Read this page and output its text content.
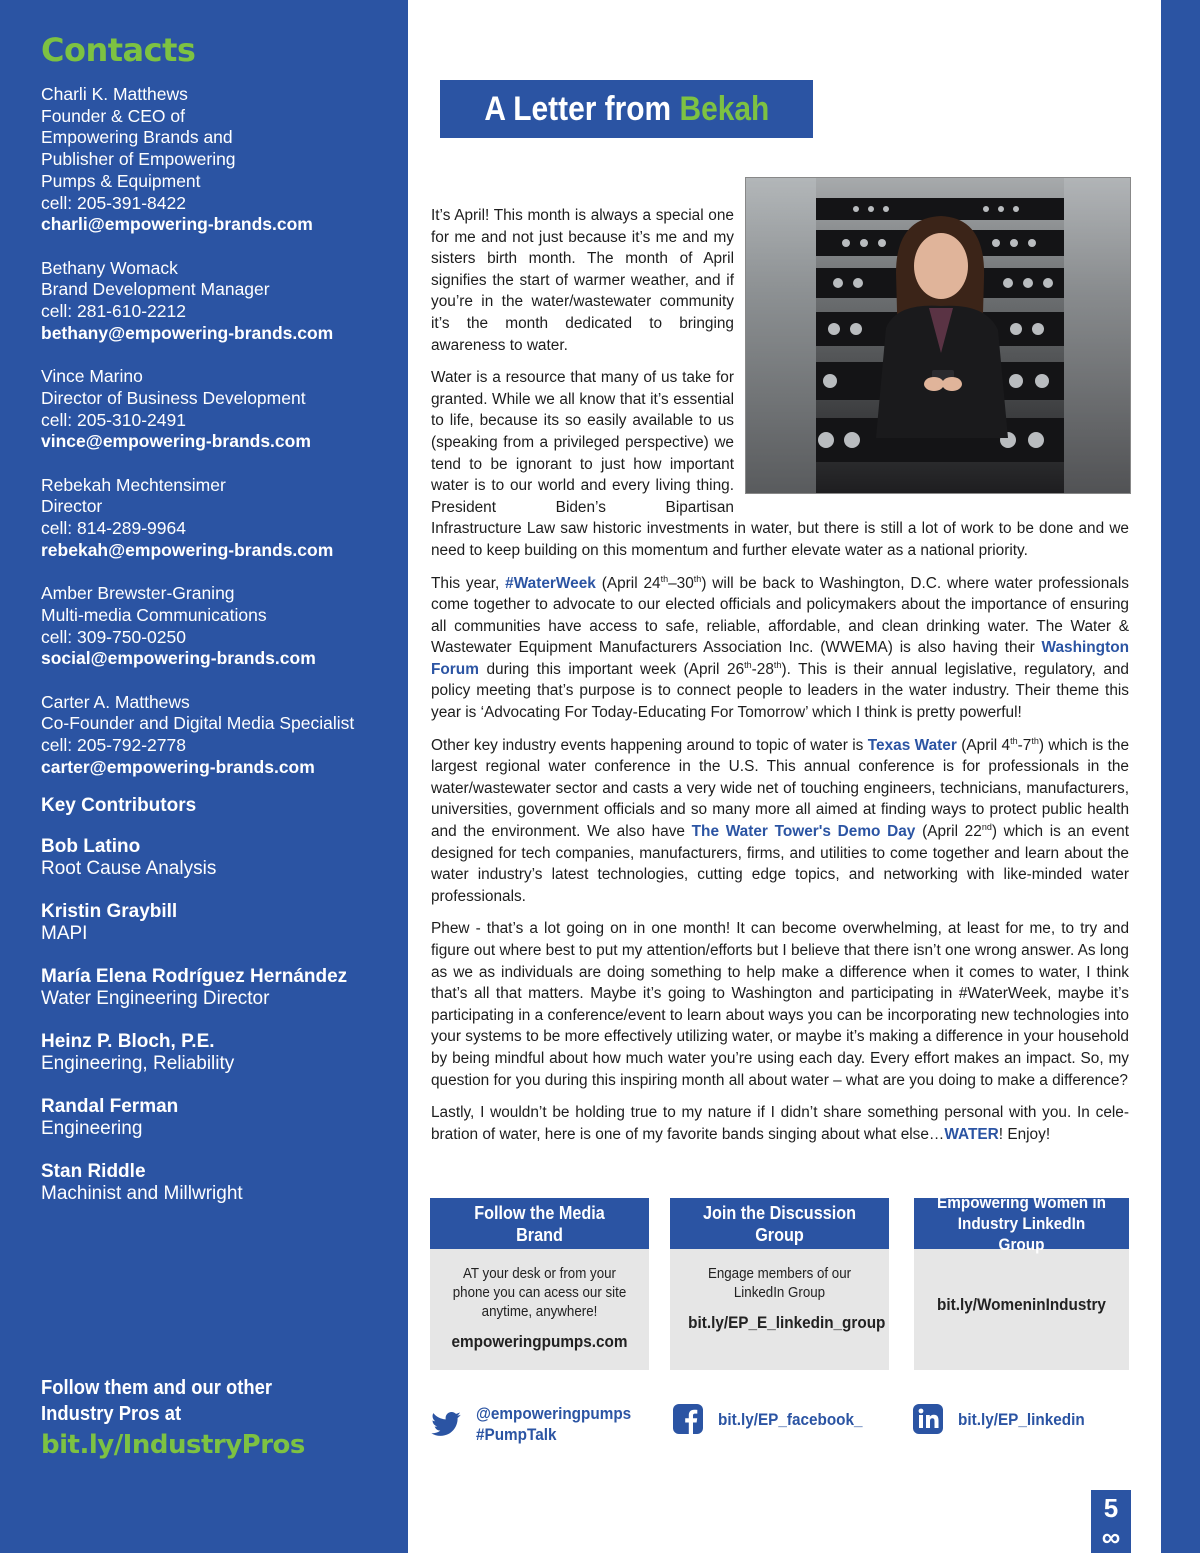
Contacts
Charli K. Matthews
Founder & CEO of
Empowering Brands and
Publisher of Empowering
Pumps & Equipment
cell: 205-391-8422
charli@empowering-brands.com
Bethany Womack
Brand Development Manager
cell: 281-610-2212
bethany@empowering-brands.com
Vince Marino
Director of Business Development
cell: 205-310-2491
vince@empowering-brands.com
Rebekah Mechtensimer
Director
cell: 814-289-9964
rebekah@empowering-brands.com
Amber Brewster-Graning
Multi-media Communications
cell: 309-750-0250
social@empowering-brands.com
Carter A. Matthews
Co-Founder and Digital Media Specialist
cell: 205-792-2778
carter@empowering-brands.com
Key Contributors
Bob Latino
Root Cause Analysis
Kristin Graybill
MAPI
María Elena Rodríguez Hernández
Water Engineering Director
Heinz P. Bloch, P.E.
Engineering, Reliability
Randal Ferman
Engineering
Stan Riddle
Machinist and Millwright
Follow them and our other Industry Pros at
bit.ly/IndustryPros
5
∞
A Letter from Bekah

It’s April! This month is always a special one for me and not just because it’s me and my sisters birth month. The month of April signifies the start of warmer weather, and if you’re in the water/wastewater community it’s the month dedicated to bringing awareness to water.

Water is a resource that many of us take for granted. While we all know that it’s essential to life, because its so easily available to us (speaking from a privileged perspective) we tend to be ignorant to just how important water is to our world and every living thing. President Biden’s Bipartisan
Infrastructure Law saw historic investments in water, but there is still a lot of work to be done and we need to keep building on this momentum and further elevate water as a national priority.

This year, #WaterWeek (April 24th–30th) will be back to Washington, D.C. where water professionals come together to advocate to our elected officials and policymakers about the importance of ensuring all communities have access to safe, reliable, affordable, and clean drinking water. The Water & Wastewater Equipment Manufacturers Association Inc. (WWEMA) is also having their Washington Forum during this important week (April 26th-28th). This is their annual legislative, regulatory, and policy meeting that’s purpose is to connect people to leaders in the water industry. Their theme this year is ‘Advocating For Today-Educating For Tomorrow’ which I think is pretty powerful!

Other key industry events happening around to topic of water is Texas Water (April 4th-7th) which is the largest regional water conference in the U.S. This annual conference is for professionals in the water/wastewater sector and casts a very wide net of touching engineers, technicians, manufacturers, universities, government officials and so many more all aimed at finding ways to protect public health and the environment. We also have The Water Tower's Demo Day (April 22nd) which is an event designed for tech companies, manufacturers, firms, and utilities to come together and learn about the water industry’s latest technologies, cutting edge topics, and networking with like-minded water professionals.

Phew - that’s a lot going on in one month! It can become overwhelming, at least for me, to try and figure out where best to put my attention/efforts but I believe that there isn’t one wrong answer. As long as we as individuals are doing something to help make a difference when it comes to water, I think that’s all that matters. Maybe it’s going to Washington and participating in #WaterWeek, maybe it’s participating in a conference/event to learn about ways you can be incorporating new technologies into your systems to be more effectively utilizing water, or maybe it’s making a difference in your household by being mindful about how much water you’re using each day. Every effort makes an impact. So, my question for you during this inspiring month all about water – what are you doing to make a difference?

Lastly, I wouldn’t be holding true to my nature if I didn’t share something personal with you. In celebration of water, here is one of my favorite bands singing about what else…WATER! Enjoy!

Follow the Media Brand
AT your desk or from your phone you can acess our site anytime, anywhere!
empoweringpumps.com
Join the Discussion Group
Engage members of our LinkedIn Group
bit.ly/EP_E_linkedin_group
Empowering Women in Industry LinkedIn Group
bit.ly/WomeninIndustry
@empoweringpumps
#PumpTalk
bit.ly/EP_facebook_	bit.ly/EP_linkedin
